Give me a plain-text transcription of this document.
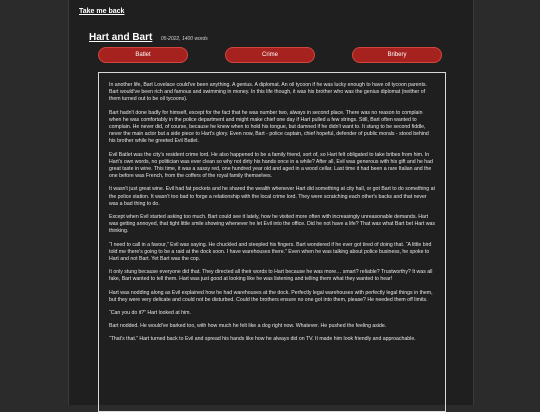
Take me back
Hart and Bart 05-2022, 1400 words
Batlet	Crime	Bribery

In another life, Bart Lovelace could've been anything. A genius. A diplomat. An oil tycoon if he was lucky enough to have oil tycoon parents. Bart would've been rich and famous and swimming in money. In this life though, it was his brother who was the genius diplomat (neither of them turned out to be oil tycoons).

Bart hadn't done badly for himself, except for the fact that he was number two, always in second place. There was no reason to complain when he was comfortably in the police department and might make chief one day if Hart pulled a few strings. Still, Bart often wanted to complain. He never did, of course, because he knew when to hold his tongue, but damned if he didn't want to. It stung to be second fiddle, never the main actor but a side piece to Hart's glory. Even now, Bart - police captain, chief hopeful, defender of public morals - stood behind his brother while he greeted Evil Batlet.

Evil Batlet was the city's resident crime lord. He also happened to be a family friend, sort of, so Hart felt obligated to take bribes from him. In Hart's own words, no politician was ever clean so why not dirty his hands once in a while? After all, Evil was generous with his gift and he had great taste in wine. This time, it was a sassy red, one hundred year old and aged in a wood cellar. Last time it had been a rare Italian and the one before was French, from the coffers of the royal family themselves.

It wasn't just great wine. Evil had fat pockets and he shared the wealth whenever Hart did something at city hall, or got Bart to do something at the police station. It wasn't too bad to forge a relationship with the local crime lord. They were scratching each other's backs and that never was a bad thing to do.

Except when Evil started asking too much. Bart could see it lately, how he visited more often with increasingly unreasonable demands. Hart was getting annoyed, that tight little smile showing whenever he let Evil into the office. Did he not have a life? That was what Bart bet Hart was thinking.

“I need to call in a favour,” Evil was saying. He chuckled and steepled his fingers. Bart wondered if he ever got tired of doing that. “A little bird told me there's going to be a raid at the dock soon. I have warehouses there.” Even when he was talking about police business, he spoke to Hart and not Bart. Yet Bart was the cop.

It only stung because everyone did that. They directed all their words to Hart because he was more… smart? reliable? Trustworthy? It was all fake, Bart wanted to tell them. Hart was just good at looking like he was listening and telling them what they wanted to hear!

Hart was nodding along as Evil explained how he had warehouses at the dock. Perfectly legal warehouses with perfectly legal things in them, but they were very delicate and could not be disturbed. Could the brothers ensure no one got into them, please? He needed them off limits.

“Can you do it?” Hart looked at him.

Bart nodded. He would've barked too, with how much he felt like a dog right now. Whatever. He pushed the feeling aside.

“That's that.” Hart turned back to Evil and spread his hands like how he always did on TV. It made him look friendly and approachable.
